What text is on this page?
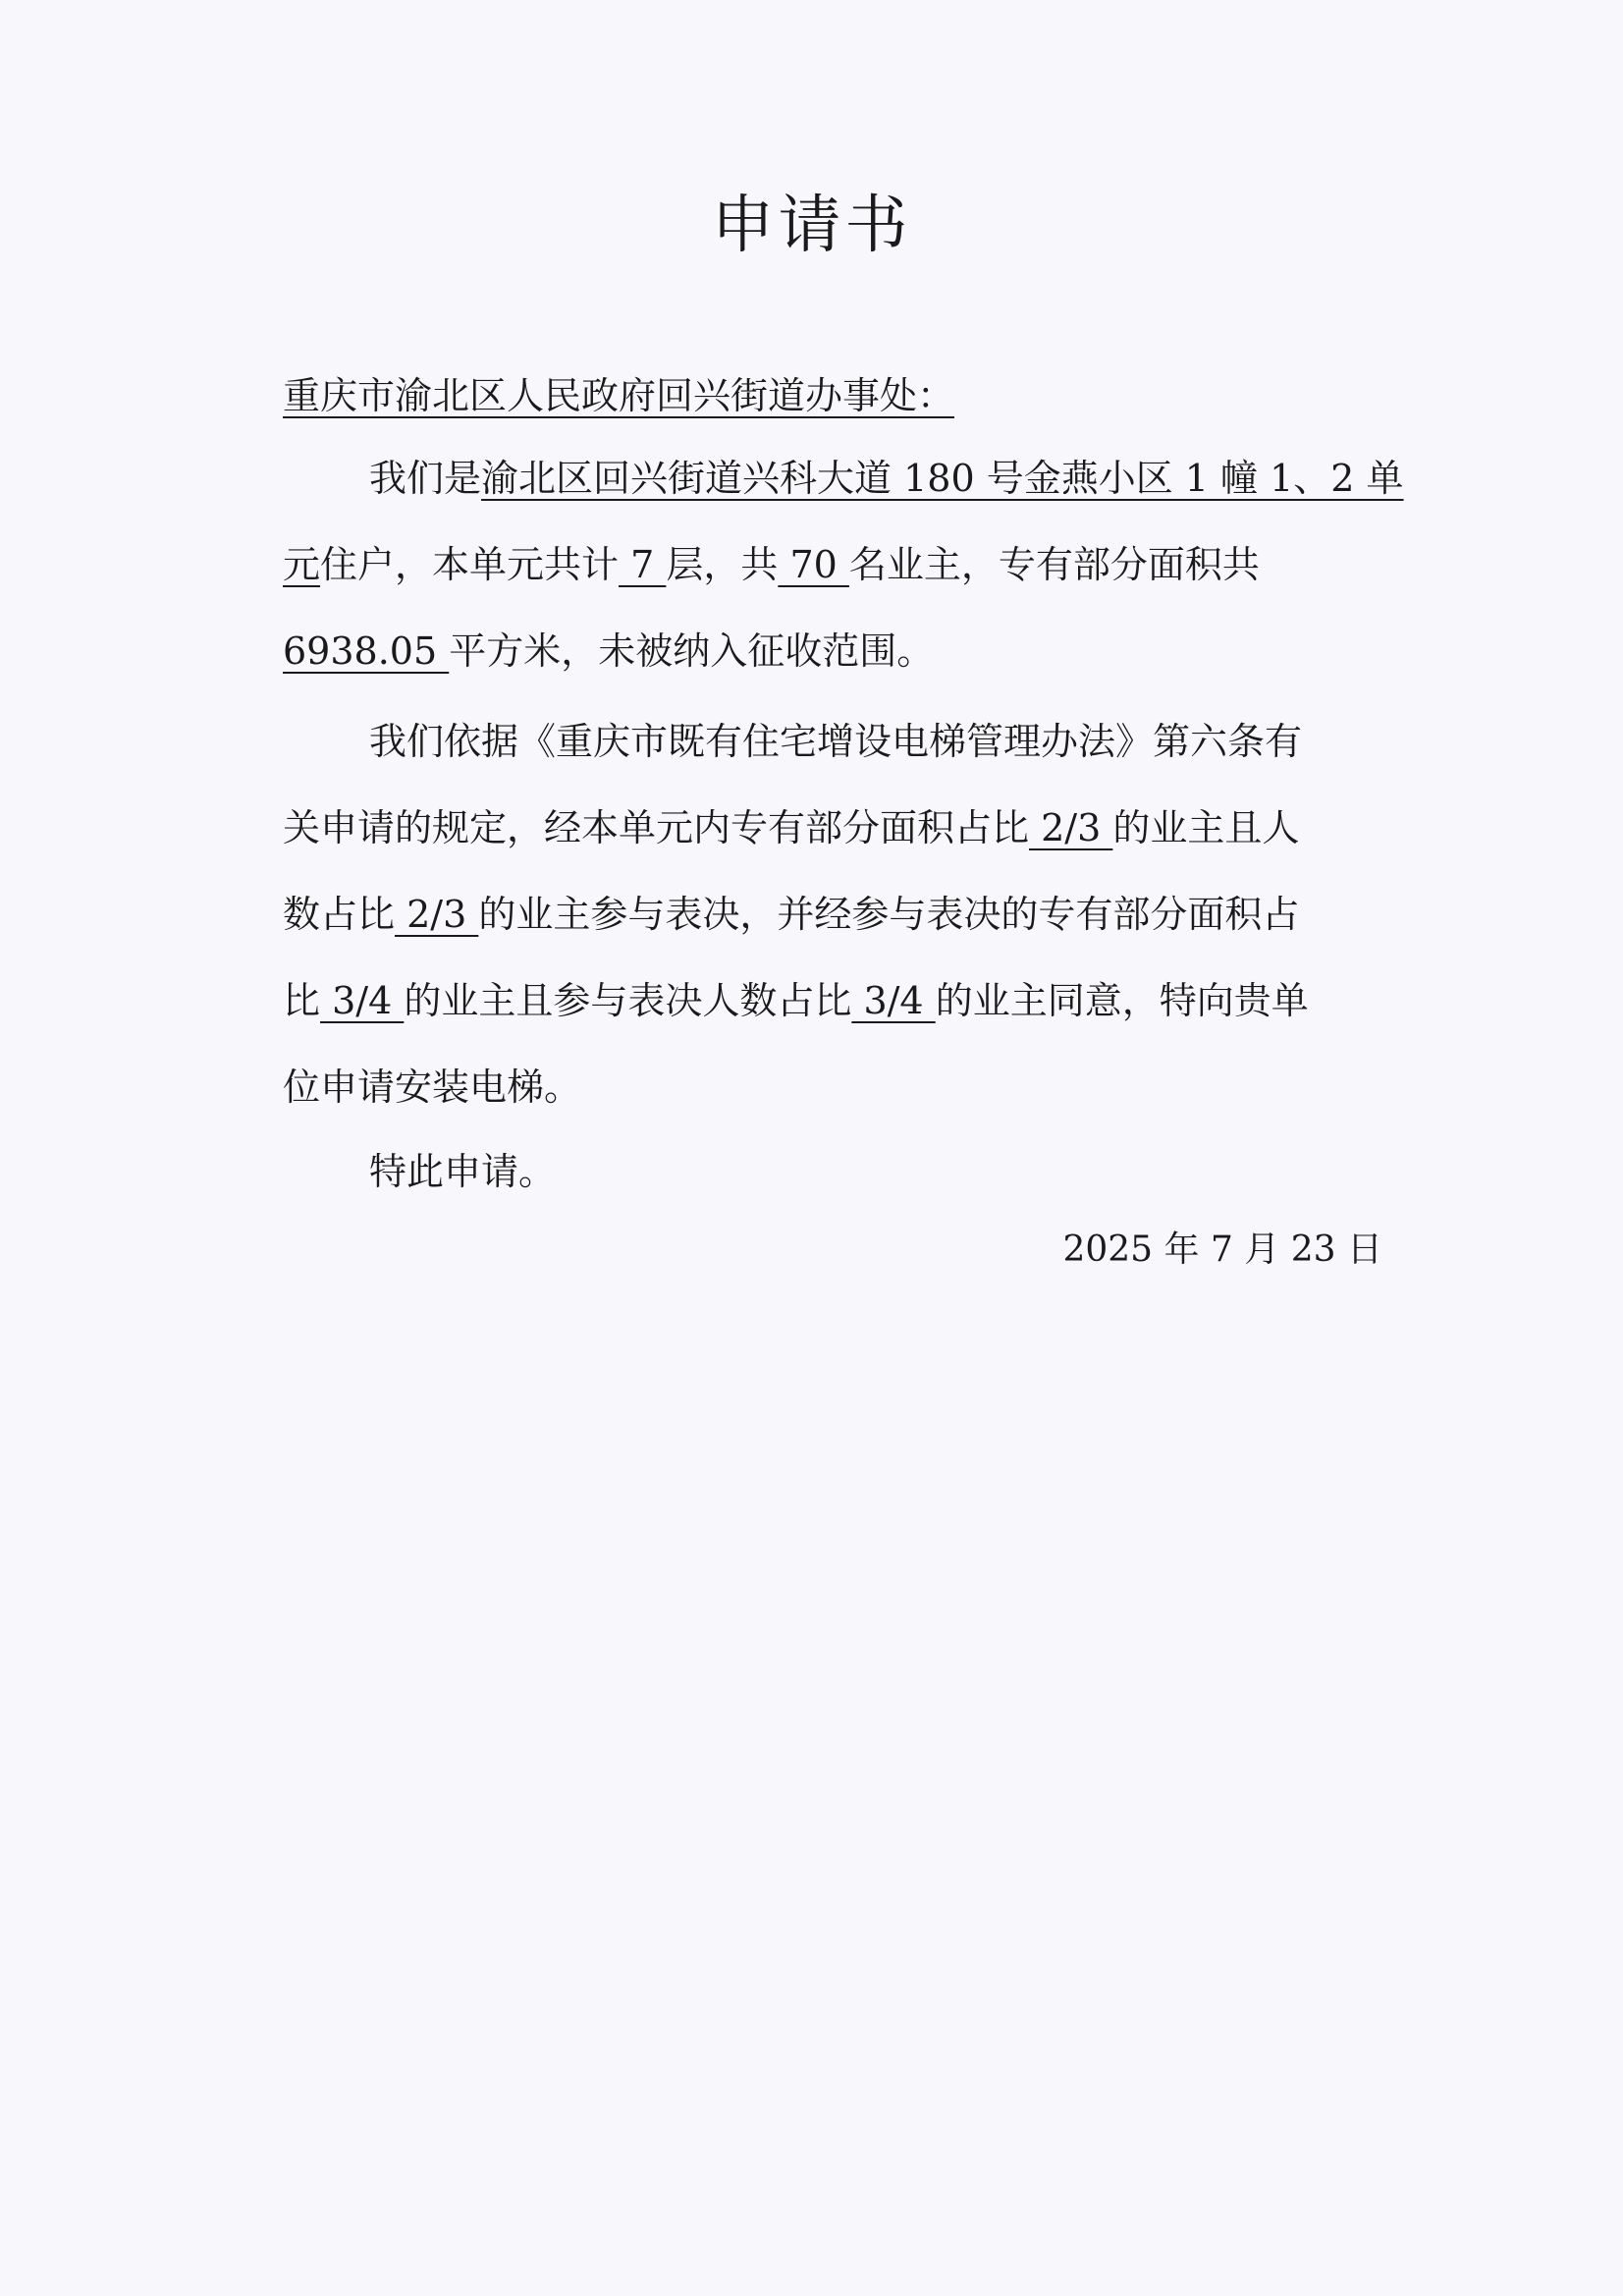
申请书
重庆市渝北区人民政府回兴街道办事处：
我们是渝北区回兴街道兴科大道 180 号金燕小区 1 幢 1、2 单
元住户，本单元共计 7 层，共 70 名业主，专有部分面积共
6938.05 平方米，未被纳入征收范围。
我们依据《重庆市既有住宅增设电梯管理办法》第六条有
关申请的规定，经本单元内专有部分面积占比 2/3 的业主且人
数占比 2/3 的业主参与表决，并经参与表决的专有部分面积占
比 3/4 的业主且参与表决人数占比 3/4 的业主同意，特向贵单
位申请安装电梯。
特此申请。
2025 年 7 月 23 日
